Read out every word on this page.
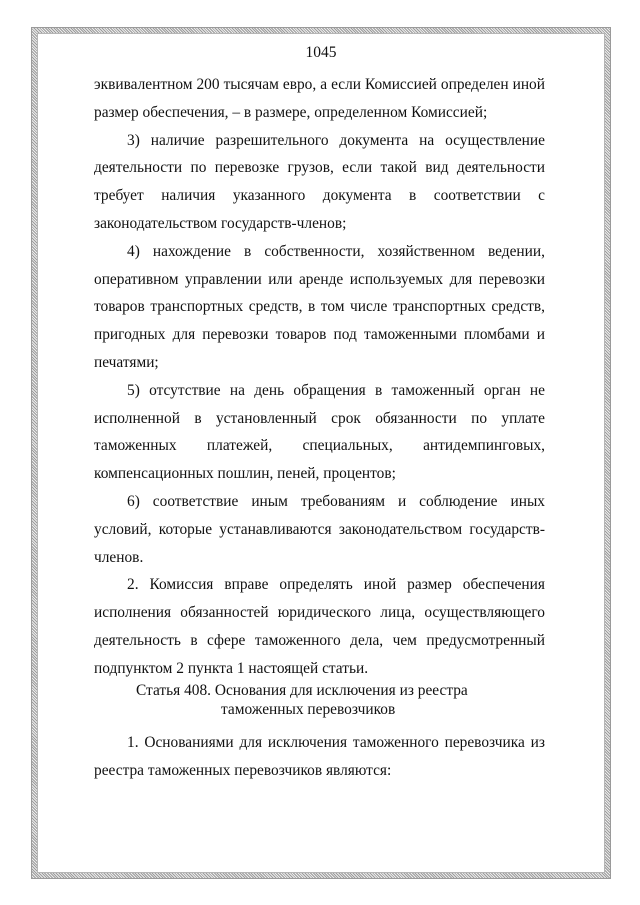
1045

эквивалентном 200 тысячам евро, а если Комиссией определен иной размер обеспечения, – в размере, определенном Комиссией;

3) наличие разрешительного документа на осуществление деятельности по перевозке грузов, если такой вид деятельности требует наличия указанного документа в соответствии с законодательством государств-членов;

4) нахождение в собственности, хозяйственном ведении, оперативном управлении или аренде используемых для перевозки товаров транспортных средств, в том числе транспортных средств, пригодных для перевозки товаров под таможенными пломбами и печатями;

5) отсутствие на день обращения в таможенный орган не исполненной в установленный срок обязанности по уплате таможенных платежей, специальных, антидемпинговых, компенсационных пошлин, пеней, процентов;

6) соответствие иным требованиям и соблюдение иных условий, которые устанавливаются законодательством государств-членов.

2. Комиссия вправе определять иной размер обеспечения исполнения обязанностей юридического лица, осуществляющего деятельность в сфере таможенного дела, чем предусмотренный подпунктом 2 пункта 1 настоящей статьи.

Статья 408. Основания для исключения из реестра
таможенных перевозчиков

1. Основаниями для исключения таможенного перевозчика из реестра таможенных перевозчиков являются:
